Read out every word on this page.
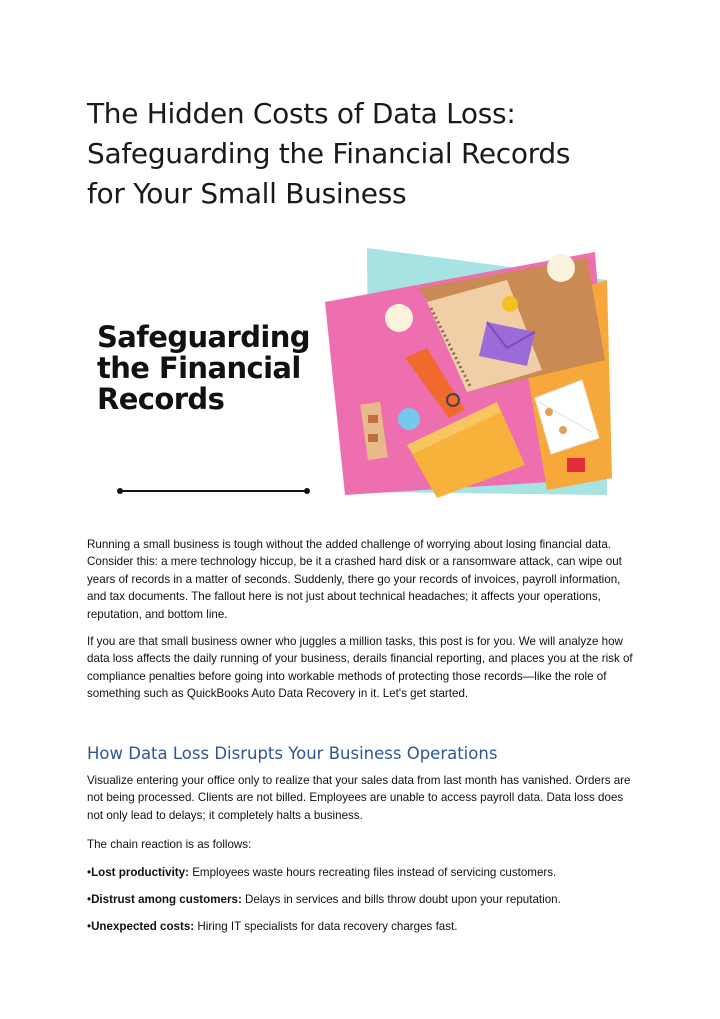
The Hidden Costs of Data Loss:
Safeguarding the Financial Records
for Your Small Business
Safeguarding
the Financial
Records

Running a small business is tough without the added challenge of worrying about losing financial data. Consider this: a mere technology hiccup, be it a crashed hard disk or a ransomware attack, can wipe out years of records in a matter of seconds. Suddenly, there go your records of invoices, payroll information, and tax documents. The fallout here is not just about technical headaches; it affects your operations, reputation, and bottom line.

If you are that small business owner who juggles a million tasks, this post is for you. We will analyze how data loss affects the daily running of your business, derails financial reporting, and places you at the risk of compliance penalties before going into workable methods of protecting those records—like the role of something such as QuickBooks Auto Data Recovery in it. Let's get started.

How Data Loss Disrupts Your Business Operations

Visualize entering your office only to realize that your sales data from last month has vanished. Orders are not being processed. Clients are not billed. Employees are unable to access payroll data. Data loss does not only lead to delays; it completely halts a business.

The chain reaction is as follows:

•Lost productivity: Employees waste hours recreating files instead of servicing customers.
•Distrust among customers: Delays in services and bills throw doubt upon your reputation.
•Unexpected costs: Hiring IT specialists for data recovery charges fast.
